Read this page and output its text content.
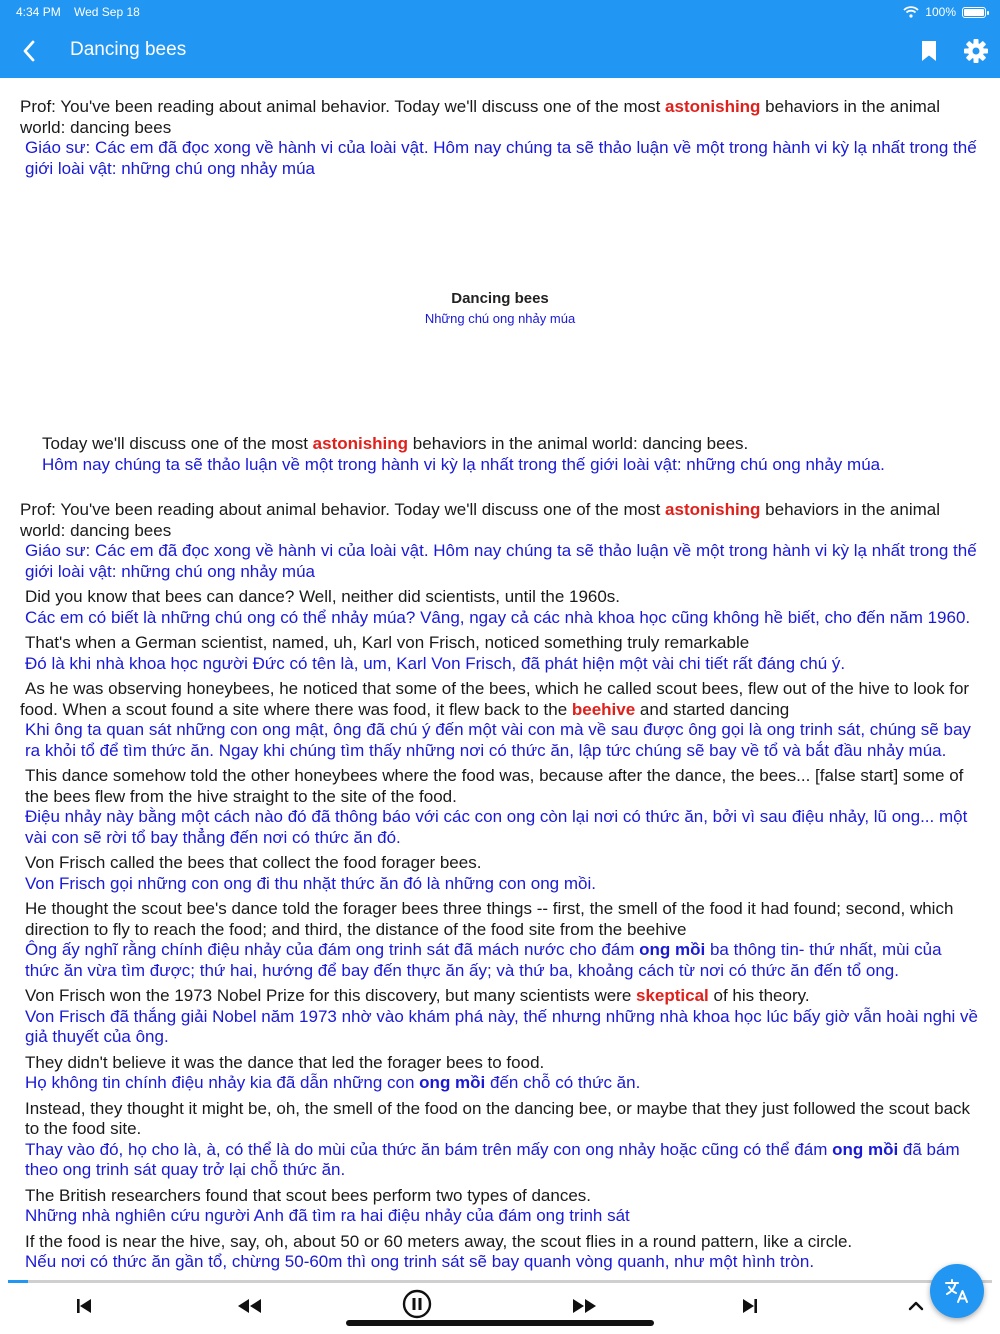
4:34 PM Wed Sep 18	100%
Dancing bees
Prof: You've been reading about animal behavior. Today we'll discuss one of the most astonishing behaviors in the animal world: dancing bees
Giáo sư: Các em đã đọc xong về hành vi của loài vật. Hôm nay chúng ta sẽ thảo luận về một trong hành vi kỳ lạ nhất trong thế giới loài vật: những chú ong nhảy múa
Dancing bees
Những chú ong nhảy múa
Today we'll discuss one of the most astonishing behaviors in the animal world: dancing bees.
Hôm nay chúng ta sẽ thảo luận về một trong hành vi kỳ lạ nhất trong thế giới loài vật: những chú ong nhảy múa.
Prof: You've been reading about animal behavior. Today we'll discuss one of the most astonishing behaviors in the animal world: dancing bees
Giáo sư: Các em đã đọc xong về hành vi của loài vật. Hôm nay chúng ta sẽ thảo luận về một trong hành vi kỳ lạ nhất trong thế giới loài vật: những chú ong nhảy múa
Did you know that bees can dance? Well, neither did scientists, until the 1960s.
Các em có biết là những chú ong có thể nhảy múa? Vâng, ngay cả các nhà khoa học cũng không hề biết, cho đến năm 1960.
That's when a German scientist, named, uh, Karl von Frisch, noticed something truly remarkable
Đó là khi nhà khoa học người Đức có tên là, um, Karl Von Frisch, đã phát hiện một vài chi tiết rất đáng chú ý.
As he was observing honeybees, he noticed that some of the bees, which he called scout bees, flew out of the hive to look for food. When a scout found a site where there was food, it flew back to the beehive and started dancing
Khi ông ta quan sát những con ong mật, ông đã chú ý đến một vài con mà về sau được ông gọi là ong trinh sát, chúng sẽ bay ra khỏi tổ để tìm thức ăn. Ngay khi chúng tìm thấy những nơi có thức ăn, lập tức chúng sẽ bay về tổ và bắt đầu nhảy múa.
This dance somehow told the other honeybees where the food was, because after the dance, the bees... [false start] some of the bees flew from the hive straight to the site of the food.
Điệu nhảy này bằng một cách nào đó đã thông báo với các con ong còn lại nơi có thức ăn, bởi vì sau điệu nhảy, lũ ong... một vài con sẽ rời tổ bay thẳng đến nơi có thức ăn đó.
Von Frisch called the bees that collect the food forager bees.
Von Frisch gọi những con ong đi thu nhặt thức ăn đó là những con ong mồi.
He thought the scout bee's dance told the forager bees three things -- first, the smell of the food it had found; second, which direction to fly to reach the food; and third, the distance of the food site from the beehive
Ông ấy nghĩ rằng chính điệu nhảy của đám ong trinh sát đã mách nước cho đám ong mồi ba thông tin- thứ nhất, mùi của thức ăn vừa tìm được; thứ hai, hướng để bay đến thực ăn ấy; và thứ ba, khoảng cách từ nơi có thức ăn đến tổ ong.
Von Frisch won the 1973 Nobel Prize for this discovery, but many scientists were skeptical of his theory.
Von Frisch đã thắng giải Nobel năm 1973 nhờ vào khám phá này, thế nhưng những nhà khoa học lúc bấy giờ vẫn hoài nghi về giả thuyết của ông.
They didn't believe it was the dance that led the forager bees to food.
Họ không tin chính điệu nhảy kia đã dẫn những con ong mồi đến chỗ có thức ăn.
Instead, they thought it might be, oh, the smell of the food on the dancing bee, or maybe that they just followed the scout back to the food site.
Thay vào đó, họ cho là, à, có thể là do mùi của thức ăn bám trên mấy con ong nhảy hoặc cũng có thể đám ong mồi đã bám theo ong trinh sát quay trở lại chỗ thức ăn.
The British researchers found that scout bees perform two types of dances.
Những nhà nghiên cứu người Anh đã tìm ra hai điệu nhảy của đám ong trinh sát
If the food is near the hive, say, oh, about 50 or 60 meters away, the scout flies in a round pattern, like a circle.
Nếu nơi có thức ăn gần tổ, chừng 50-60m thì ong trinh sát sẽ bay quanh vòng quanh, như một hình tròn.
